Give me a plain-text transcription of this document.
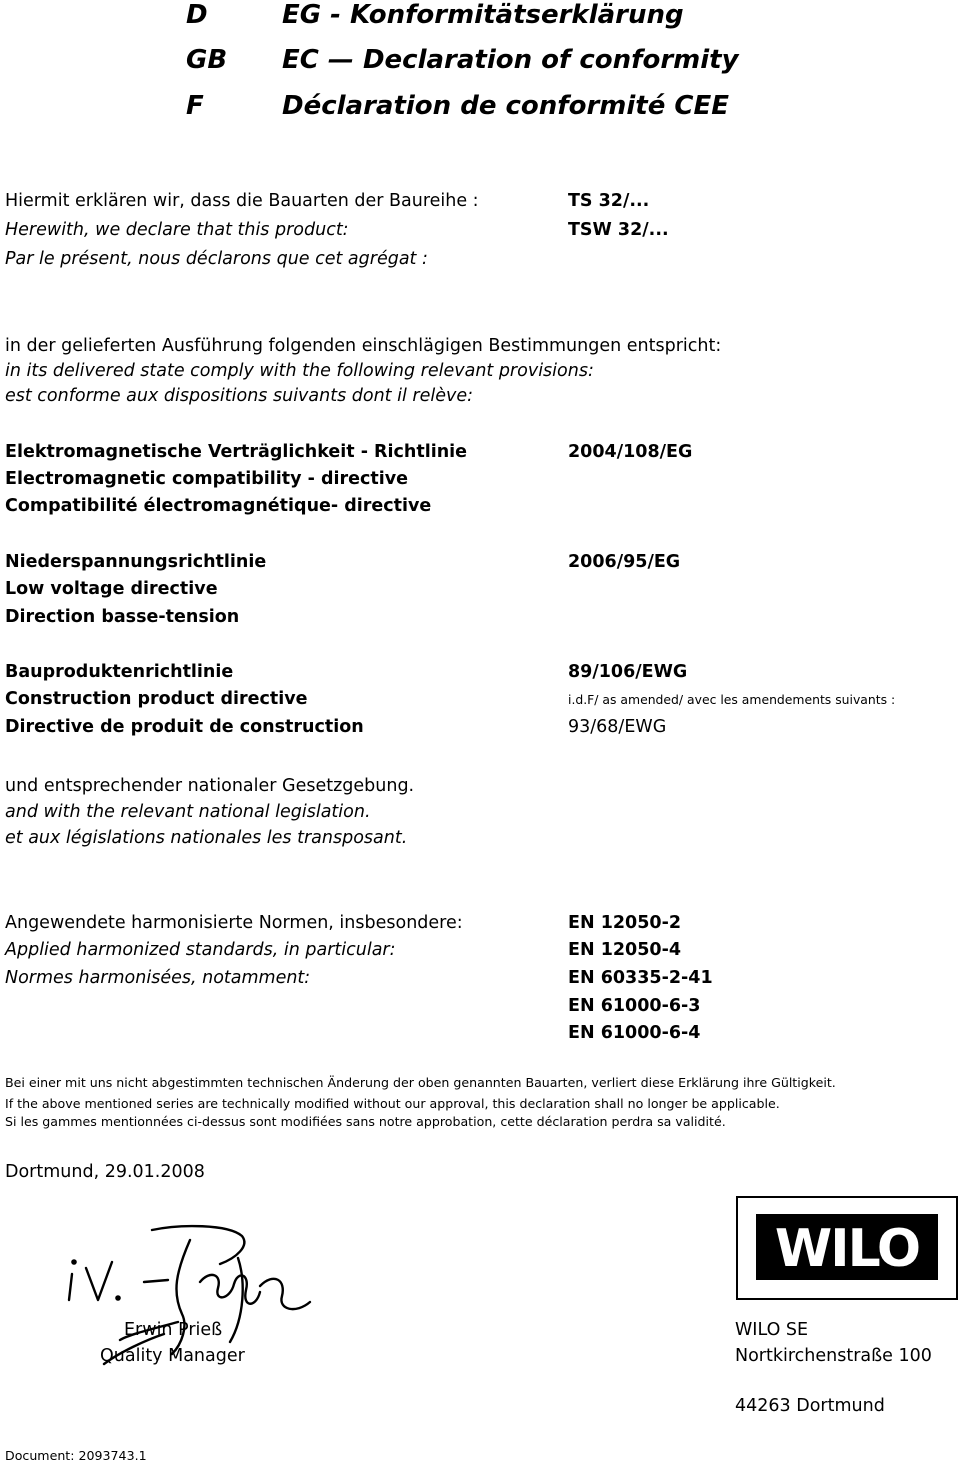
D
GB
F
EG - Konformitätserklärung
EC — Declaration of conformity
Déclaration de conformité CEE
Hiermit erklären wir, dass die Bauarten der Baureihe :
Herewith, we declare that this product:
Par le présent, nous déclarons que cet agrégat :
TS 32/...
TSW 32/...
in der gelieferten Ausführung folgenden einschlägigen Bestimmungen entspricht:
in its delivered state comply with the following relevant provisions:
est conforme aux dispositions suivants dont il relève:
Elektromagnetische Verträglichkeit - Richtlinie
Electromagnetic compatibility - directive
Compatibilité électromagnétique- directive
2004/108/EG
Niederspannungsrichtlinie
Low voltage directive
Direction basse-tension
2006/95/EG
Bauproduktenrichtlinie
Construction product directive
Directive de produit de construction
89/106/EWG
i.d.F/ as amended/ avec les amendements suivants :
93/68/EWG
und entsprechender nationaler Gesetzgebung.
and with the relevant national legislation.
et aux législations nationales les transposant.
Angewendete harmonisierte Normen, insbesondere:
Applied harmonized standards, in particular:
Normes harmonisées, notamment:
EN 12050-2
EN 12050-4
EN 60335-2-41
EN 61000-6-3
EN 61000-6-4
Bei einer mit uns nicht abgestimmten technischen Änderung der oben genannten Bauarten, verliert diese Erklärung ihre Gültigkeit.
If the above mentioned series are technically modified without our approval, this declaration shall no longer be applicable.
Si les gammes mentionnées ci-dessus sont modifiées sans notre approbation, cette déclaration perdra sa validité.
Dortmund, 29.01.2008
Erwin Prieß
Quality Manager
WILO
WILO SE
Nortkirchenstraße 100
44263 Dortmund
Document: 2093743.1
